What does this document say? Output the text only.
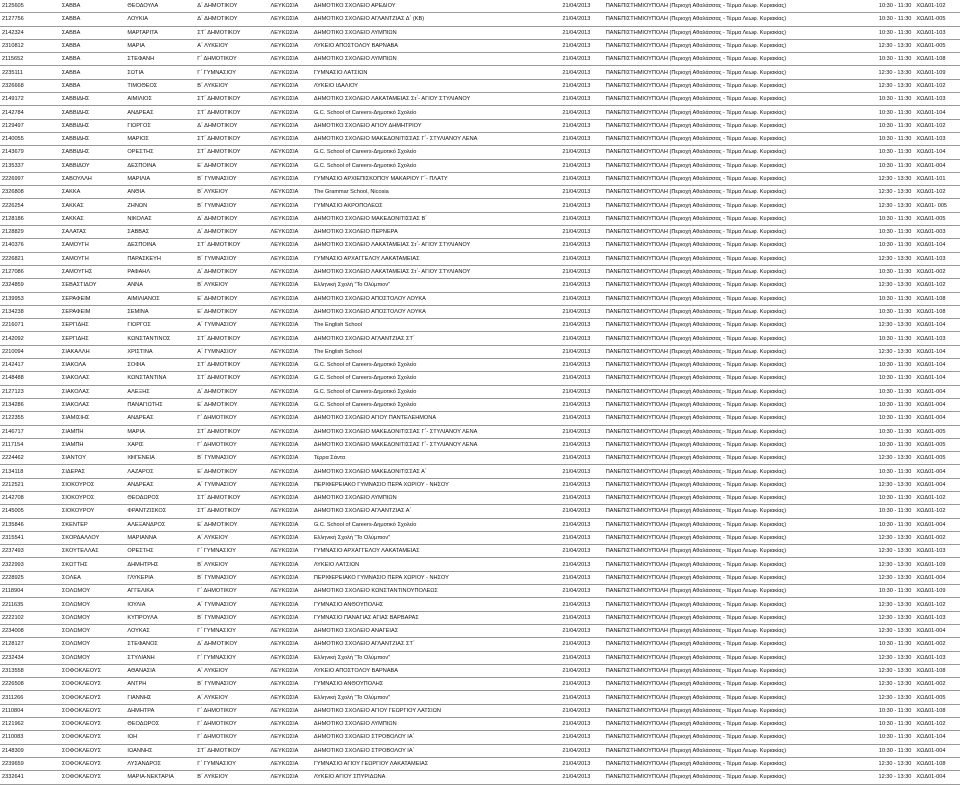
2125605	ΣΑΒΒΑ	ΘΕΟΔΟΥΛΑ	Δ΄ ΔΗΜΟΤΙΚΟΥ	ΛΕΥΚΩΣΙΑ	ΔΗΜΟΤΙΚΟ ΣΧΟΛΕΙΟ ΑΡΕΔΙΟΥ	21/04/2013	ΠΑΝΕΠΙΣΤΗΜΙΟΥΠΟΛΗ (Περιοχή Αθαλάσσας - Τέρμα Λεωφ. Κυριακίας)	10:30 - 11:30	ΧΩΔ01-102
2127756	ΣΑΒΒΑ	ΛΟΥΚΙΑ	Δ΄ ΔΗΜΟΤΙΚΟΥ	ΛΕΥΚΩΣΙΑ	ΔΗΜΟΤΙΚΟ ΣΧΟΛΕΙΟ ΑΓΛΑΝΤΖΙΑΣ Δ΄ (ΚΒ)	21/04/2013	ΠΑΝΕΠΙΣΤΗΜΙΟΥΠΟΛΗ (Περιοχή Αθαλάσσας - Τέρμα Λεωφ. Κυριακίας)	10:30 - 11:30	ΧΩΔ01-005
2142324	ΣΑΒΒΑ	ΜΑΡΓΑΡΙΤΑ	ΣΤ΄ ΔΗΜΟΤΙΚΟΥ	ΛΕΥΚΩΣΙΑ	ΔΗΜΟΤΙΚΟ ΣΧΟΛΕΙΟ ΛΥΜΠΙΩΝ	21/04/2013	ΠΑΝΕΠΙΣΤΗΜΙΟΥΠΟΛΗ (Περιοχή Αθαλάσσας - Τέρμα Λεωφ. Κυριακίας)	10:30 - 11:30	ΧΩΔ01-103
2310812	ΣΑΒΒΑ	ΜΑΡΙΑ	Α΄ ΛΥΚΕΙΟΥ	ΛΕΥΚΩΣΙΑ	ΛΥΚΕΙΟ ΑΠΟΣΤΟΛΟΥ ΒΑΡΝΑΒΑ	21/04/2013	ΠΑΝΕΠΙΣΤΗΜΙΟΥΠΟΛΗ (Περιοχή Αθαλάσσας - Τέρμα Λεωφ. Κυριακίας)	12:30 - 13:30	ΧΩΔ01-005
2115652	ΣΑΒΒΑ	ΣΤΕΦΑΝΗ	Γ΄ ΔΗΜΟΤΙΚΟΥ	ΛΕΥΚΩΣΙΑ	ΔΗΜΟΤΙΚΟ ΣΧΟΛΕΙΟ ΛΥΜΠΙΩΝ	21/04/2013	ΠΑΝΕΠΙΣΤΗΜΙΟΥΠΟΛΗ (Περιοχή Αθαλάσσας - Τέρμα Λεωφ. Κυριακίας)	10:30 - 11:30	ΧΩΔ01-108
2235111	ΣΑΒΒΑ	ΣΩΤΙΑ	Γ΄ ΓΥΜΝΑΣΙΟΥ	ΛΕΥΚΩΣΙΑ	ΓΥΜΝΑΣΙΟ ΛΑΤΣΙΩΝ	21/04/2013	ΠΑΝΕΠΙΣΤΗΜΙΟΥΠΟΛΗ (Περιοχή Αθαλάσσας - Τέρμα Λεωφ. Κυριακίας)	12:30 - 13:30	ΧΩΔ01-109
2326668	ΣΑΒΒΑ	ΤΙΜΟΘΕΟΣ	Β΄ ΛΥΚΕΙΟΥ	ΛΕΥΚΩΣΙΑ	ΛΥΚΕΙΟ ΙΔΑΛΙΟΥ	21/04/2013	ΠΑΝΕΠΙΣΤΗΜΙΟΥΠΟΛΗ (Περιοχή Αθαλάσσας - Τέρμα Λεωφ. Κυριακίας)	12:30 - 13:30	ΧΩΔ01-102
2149172	ΣΑΒΒΙΔΗΣ	ΑΙΜΙΛΙΟΣ	ΣΤ΄ ΔΗΜΟΤΙΚΟΥ	ΛΕΥΚΩΣΙΑ	ΔΗΜΟΤΙΚΟ ΣΧΟΛΕΙΟ ΛΑΚΑΤΑΜΕΙΑΣ Στ΄- ΑΓΙΟΥ ΣΤΥΛΙΑΝΟΥ	21/04/2013	ΠΑΝΕΠΙΣΤΗΜΙΟΥΠΟΛΗ (Περιοχή Αθαλάσσας - Τέρμα Λεωφ. Κυριακίας)	10:30 - 11:30	ΧΩΔ01-103
2142784	ΣΑΒΒΙΔΗΣ	ΑΝΔΡΕΑΣ	ΣΤ΄ ΔΗΜΟΤΙΚΟΥ	ΛΕΥΚΩΣΙΑ	G.C. School of Careers-Δημοτικό Σχολείο	21/04/2013	ΠΑΝΕΠΙΣΤΗΜΙΟΥΠΟΛΗ (Περιοχή Αθαλάσσας - Τέρμα Λεωφ. Κυριακίας)	10:30 - 11:30	ΧΩΔ01-104
2129497	ΣΑΒΒΙΔΗΣ	ΓΙΩΡΓΟΣ	Δ΄ ΔΗΜΟΤΙΚΟΥ	ΛΕΥΚΩΣΙΑ	ΔΗΜΟΤΙΚΟ ΣΧΟΛΕΙΟ ΑΓΙΟΥ ΔΗΜΗΤΡΙΟΥ	21/04/2013	ΠΑΝΕΠΙΣΤΗΜΙΟΥΠΟΛΗ (Περιοχή Αθαλάσσας - Τέρμα Λεωφ. Κυριακίας)	10:30 - 11:30	ΧΩΔ01-102
2140055	ΣΑΒΒΙΔΗΣ	ΜΑΡΙΟΣ	ΣΤ΄ ΔΗΜΟΤΙΚΟΥ	ΛΕΥΚΩΣΙΑ	ΔΗΜΟΤΙΚΟ ΣΧΟΛΕΙΟ ΜΑΚΕΔΟΝΙΤΙΣΣΑΣ Γ΄- ΣΤΥΛΙΑΝΟΥ ΛΕΝΑ	21/04/2013	ΠΑΝΕΠΙΣΤΗΜΙΟΥΠΟΛΗ (Περιοχή Αθαλάσσας - Τέρμα Λεωφ. Κυριακίας)	10:30 - 11:30	ΧΩΔ01-103
2143679	ΣΑΒΒΙΔΗΣ	ΟΡΕΣΤΗΣ	ΣΤ΄ ΔΗΜΟΤΙΚΟΥ	ΛΕΥΚΩΣΙΑ	G.C. School of Careers-Δημοτικό Σχολείο	21/04/2013	ΠΑΝΕΠΙΣΤΗΜΙΟΥΠΟΛΗ (Περιοχή Αθαλάσσας - Τέρμα Λεωφ. Κυριακίας)	10:30 - 11:30	ΧΩΔ01-104
2135337	ΣΑΒΒΙΔΟΥ	ΔΕΣΠΟΙΝΑ	Ε΄ ΔΗΜΟΤΙΚΟΥ	ΛΕΥΚΩΣΙΑ	G.C. School of Careers-Δημοτικό Σχολείο	21/04/2013	ΠΑΝΕΠΙΣΤΗΜΙΟΥΠΟΛΗ (Περιοχή Αθαλάσσας - Τέρμα Λεωφ. Κυριακίας)	10:30 - 11:30	ΧΩΔ01-004
2226997	ΣΑΒΟΥΛΛΗ	ΜΑΡΙΛΙΑ	Β΄ ΓΥΜΝΑΣΙΟΥ	ΛΕΥΚΩΣΙΑ	ΓΥΜΝΑΣΙΟ ΑΡΧΙΕΠΙΣΚΟΠΟΥ ΜΑΚΑΡΙΟΥ Γ΄- ΠΛΑΤΥ	21/04/2013	ΠΑΝΕΠΙΣΤΗΜΙΟΥΠΟΛΗ (Περιοχή Αθαλάσσας - Τέρμα Λεωφ. Κυριακίας)	12:30 - 13:30	ΧΩΔ01-101
2326808	ΣΑΚΚΑ	ΑΝΘΙΑ	Β΄ ΛΥΚΕΙΟΥ	ΛΕΥΚΩΣΙΑ	The Grammar School, Nicosia	21/04/2013	ΠΑΝΕΠΙΣΤΗΜΙΟΥΠΟΛΗ (Περιοχή Αθαλάσσας - Τέρμα Λεωφ. Κυριακίας)	12:30 - 13:30	ΧΩΔ01-102
2226254	ΣΑΚΚΑΣ	ΖΗΝΩΝ	Β΄ ΓΥΜΝΑΣΙΟΥ	ΛΕΥΚΩΣΙΑ	ΓΥΜΝΑΣΙΟ ΑΚΡΟΠΟΛΕΩΣ	21/04/2013	ΠΑΝΕΠΙΣΤΗΜΙΟΥΠΟΛΗ (Περιοχή Αθαλάσσας - Τέρμα Λεωφ. Κυριακίας)	12:30 - 13:30	ΧΩΔ01- 005
2128186	ΣΑΚΚΑΣ	ΝΙΚΟΛΑΣ	Δ΄ ΔΗΜΟΤΙΚΟΥ	ΛΕΥΚΩΣΙΑ	ΔΗΜΟΤΙΚΟ ΣΧΟΛΕΙΟ ΜΑΚΕΔΟΝΙΤΙΣΣΑΣ Β΄	21/04/2013	ΠΑΝΕΠΙΣΤΗΜΙΟΥΠΟΛΗ (Περιοχή Αθαλάσσας - Τέρμα Λεωφ. Κυριακίας)	10:30 - 11:30	ΧΩΔ01-005
2128829	ΣΑΛΑΤΑΣ	ΣΑΒΒΑΣ	Δ΄ ΔΗΜΟΤΙΚΟΥ	ΛΕΥΚΩΣΙΑ	ΔΗΜΟΤΙΚΟ ΣΧΟΛΕΙΟ ΠΕΡΝΕΡΑ	21/04/2013	ΠΑΝΕΠΙΣΤΗΜΙΟΥΠΟΛΗ (Περιοχή Αθαλάσσας - Τέρμα Λεωφ. Κυριακίας)	10:30 - 11:30	ΧΩΔ01-003
2140376	ΣΑΜΟΥΓΗ	ΔΕΣΠΟΙΝΑ	ΣΤ΄ ΔΗΜΟΤΙΚΟΥ	ΛΕΥΚΩΣΙΑ	ΔΗΜΟΤΙΚΟ ΣΧΟΛΕΙΟ ΛΑΚΑΤΑΜΕΙΑΣ Στ΄- ΑΓΙΟΥ ΣΤΥΛΙΑΝΟΥ	21/04/2013	ΠΑΝΕΠΙΣΤΗΜΙΟΥΠΟΛΗ (Περιοχή Αθαλάσσας - Τέρμα Λεωφ. Κυριακίας)	10:30 - 11:30	ΧΩΔ01-104
2226821	ΣΑΜΟΥΓΗ	ΠΑΡΑΣΚΕΥΗ	Β΄ ΓΥΜΝΑΣΙΟΥ	ΛΕΥΚΩΣΙΑ	ΓΥΜΝΑΣΙΟ ΑΡΧΑΓΓΕΛΟΥ ΛΑΚΑΤΑΜΕΙΑΣ	21/04/2013	ΠΑΝΕΠΙΣΤΗΜΙΟΥΠΟΛΗ (Περιοχή Αθαλάσσας - Τέρμα Λεωφ. Κυριακίας)	12:30 - 13:30	ΧΩΔ01-103
2127086	ΣΑΜΟΥΓΗΣ	ΡΑΦΑΗΛ	Δ΄ ΔΗΜΟΤΙΚΟΥ	ΛΕΥΚΩΣΙΑ	ΔΗΜΟΤΙΚΟ ΣΧΟΛΕΙΟ ΛΑΚΑΤΑΜΕΙΑΣ Στ΄- ΑΓΙΟΥ ΣΤΥΛΙΑΝΟΥ	21/04/2013	ΠΑΝΕΠΙΣΤΗΜΙΟΥΠΟΛΗ (Περιοχή Αθαλάσσας - Τέρμα Λεωφ. Κυριακίας)	10:30 - 11:30	ΧΩΔ01-002
2324859	ΣΕΒΑΣΤΙΔΟΥ	ΑΝΝΑ	Β΄ ΛΥΚΕΙΟΥ	ΛΕΥΚΩΣΙΑ	Ελληνική Σχολή "Το Ολύμπιον"	21/04/2013	ΠΑΝΕΠΙΣΤΗΜΙΟΥΠΟΛΗ (Περιοχή Αθαλάσσας - Τέρμα Λεωφ. Κυριακίας)	12:30 - 13:30	ΧΩΔ01-102
2139953	ΣΕΡΑΦΕΙΜ	ΑΙΜΙΛΙΑΝΟΣ	Ε΄ ΔΗΜΟΤΙΚΟΥ	ΛΕΥΚΩΣΙΑ	ΔΗΜΟΤΙΚΟ ΣΧΟΛΕΙΟ ΑΠΟΣΤΟΛΟΥ ΛΟΥΚΑ	21/04/2013	ΠΑΝΕΠΙΣΤΗΜΙΟΥΠΟΛΗ (Περιοχή Αθαλάσσας - Τέρμα Λεωφ. Κυριακίας)	10:30 - 11:30	ΧΩΔ01-108
2134238	ΣΕΡΑΦΕΙΜ	ΣΕΜΙΝΑ	Ε΄ ΔΗΜΟΤΙΚΟΥ	ΛΕΥΚΩΣΙΑ	ΔΗΜΟΤΙΚΟ ΣΧΟΛΕΙΟ ΑΠΟΣΤΟΛΟΥ ΛΟΥΚΑ	21/04/2013	ΠΑΝΕΠΙΣΤΗΜΙΟΥΠΟΛΗ (Περιοχή Αθαλάσσας - Τέρμα Λεωφ. Κυριακίας)	10:30 - 11:30	ΧΩΔ01-108
2216071	ΣΕΡΓΙΔΗΣ	ΓΙΩΡΓΟΣ	Α΄ ΓΥΜΝΑΣΙΟΥ	ΛΕΥΚΩΣΙΑ	The English School	21/04/2013	ΠΑΝΕΠΙΣΤΗΜΙΟΥΠΟΛΗ (Περιοχή Αθαλάσσας - Τέρμα Λεωφ. Κυριακίας)	12:30 - 13:30	ΧΩΔ01-104
2142092	ΣΕΡΓΙΔΗΣ	ΚΩΝΣΤΑΝΤΙΝΟΣ	ΣΤ΄ ΔΗΜΟΤΙΚΟΥ	ΛΕΥΚΩΣΙΑ	ΔΗΜΟΤΙΚΟ ΣΧΟΛΕΙΟ ΑΓΛΑΝΤΖΙΑΣ ΣΤ΄	21/04/2013	ΠΑΝΕΠΙΣΤΗΜΙΟΥΠΟΛΗ (Περιοχή Αθαλάσσας - Τέρμα Λεωφ. Κυριακίας)	10:30 - 11:30	ΧΩΔ01-103
2210094	ΣΙΑΚΑΛΛΗ	ΧΡΙΣΤΙΝΑ	Α΄ ΓΥΜΝΑΣΙΟΥ	ΛΕΥΚΩΣΙΑ	The English School	21/04/2013	ΠΑΝΕΠΙΣΤΗΜΙΟΥΠΟΛΗ (Περιοχή Αθαλάσσας - Τέρμα Λεωφ. Κυριακίας)	12:30 - 13:30	ΧΩΔ01-104
2142417	ΣΙΑΚΟΛΑ	ΣΟΦΙΑ	ΣΤ΄ ΔΗΜΟΤΙΚΟΥ	ΛΕΥΚΩΣΙΑ	G.C. School of Careers-Δημοτικό Σχολείο	21/04/2013	ΠΑΝΕΠΙΣΤΗΜΙΟΥΠΟΛΗ (Περιοχή Αθαλάσσας - Τέρμα Λεωφ. Κυριακίας)	10:30 - 11:30	ΧΩΔ01-104
2148488	ΣΙΑΚΟΛΑΣ	ΚΩΝΣΤΑΝΤΙΝΑ	ΣΤ΄ ΔΗΜΟΤΙΚΟΥ	ΛΕΥΚΩΣΙΑ	G.C. School of Careers-Δημοτικό Σχολείο	21/04/2013	ΠΑΝΕΠΙΣΤΗΜΙΟΥΠΟΛΗ (Περιοχή Αθαλάσσας - Τέρμα Λεωφ. Κυριακίας)	10:30 - 11:30	ΧΩΔ01-104
2127123	ΣΙΑΚΟΛΑΣ	ΑΛΕΞΗΣ	Δ΄ ΔΗΜΟΤΙΚΟΥ	ΛΕΥΚΩΣΙΑ	G.C. School of Careers-Δημοτικό Σχολείο	21/04/2013	ΠΑΝΕΠΙΣΤΗΜΙΟΥΠΟΛΗ (Περιοχή Αθαλάσσας - Τέρμα Λεωφ. Κυριακίας)	10:30 - 11:30	ΧΩΔ01-004
2134286	ΣΙΑΚΟΛΑΣ	ΠΑΝΑΓΙΩΤΗΣ	Ε΄ ΔΗΜΟΤΙΚΟΥ	ΛΕΥΚΩΣΙΑ	G.C. School of Careers-Δημοτικό Σχολείο	21/04/2013	ΠΑΝΕΠΙΣΤΗΜΙΟΥΠΟΛΗ (Περιοχή Αθαλάσσας - Τέρμα Λεωφ. Κυριακίας)	10:30 - 11:30	ΧΩΔ01-004
2122355	ΣΙΑΜΙΣΙΗΣ	ΑΝΔΡΕΑΣ	Γ΄ ΔΗΜΟΤΙΚΟΥ	ΛΕΥΚΩΣΙΑ	ΔΗΜΟΤΙΚΟ ΣΧΟΛΕΙΟ ΑΓΙΟΥ ΠΑΝΤΕΛΕΗΜΟΝΑ	21/04/2013	ΠΑΝΕΠΙΣΤΗΜΙΟΥΠΟΛΗ (Περιοχή Αθαλάσσας - Τέρμα Λεωφ. Κυριακίας)	10:30 - 11:30	ΧΩΔ01-004
2146717	ΣΙΑΜΠΗ	ΜΑΡΙΑ	ΣΤ΄ ΔΗΜΟΤΙΚΟΥ	ΛΕΥΚΩΣΙΑ	ΔΗΜΟΤΙΚΟ ΣΧΟΛΕΙΟ ΜΑΚΕΔΟΝΙΤΙΣΣΑΣ Γ΄- ΣΤΥΛΙΑΝΟΥ ΛΕΝΑ	21/04/2013	ΠΑΝΕΠΙΣΤΗΜΙΟΥΠΟΛΗ (Περιοχή Αθαλάσσας - Τέρμα Λεωφ. Κυριακίας)	10:30 - 11:30	ΧΩΔ01-005
2117154	ΣΙΑΜΠΗ	ΧΑΡΙΣ	Γ΄ ΔΗΜΟΤΙΚΟΥ	ΛΕΥΚΩΣΙΑ	ΔΗΜΟΤΙΚΟ ΣΧΟΛΕΙΟ ΜΑΚΕΔΟΝΙΤΙΣΣΑΣ Γ΄- ΣΤΥΛΙΑΝΟΥ ΛΕΝΑ	21/04/2013	ΠΑΝΕΠΙΣΤΗΜΙΟΥΠΟΛΗ (Περιοχή Αθαλάσσας - Τέρμα Λεωφ. Κυριακίας)	10:30 - 11:30	ΧΩΔ01-005
2224462	ΣΙΑΝΤΟΥ	ΙΦΙΓΕΝΕΙΑ	Β΄ ΓΥΜΝΑΣΙΟΥ	ΛΕΥΚΩΣΙΑ	Τέρρα Σάντα	21/04/2013	ΠΑΝΕΠΙΣΤΗΜΙΟΥΠΟΛΗ (Περιοχή Αθαλάσσας - Τέρμα Λεωφ. Κυριακίας)	12:30 - 13:30	ΧΩΔ01-005
2134118	ΣΙΔΕΡΑΣ	ΛΑΖΑΡΟΣ	Ε΄ ΔΗΜΟΤΙΚΟΥ	ΛΕΥΚΩΣΙΑ	ΔΗΜΟΤΙΚΟ ΣΧΟΛΕΙΟ ΜΑΚΕΔΟΝΙΤΙΣΣΑΣ Α΄	21/04/2013	ΠΑΝΕΠΙΣΤΗΜΙΟΥΠΟΛΗ (Περιοχή Αθαλάσσας - Τέρμα Λεωφ. Κυριακίας)	10:30 - 11:30	ΧΩΔ01-004
2212521	ΣΙΟΚΟΥΡΟΣ	ΑΝΔΡΕΑΣ	Α΄ ΓΥΜΝΑΣΙΟΥ	ΛΕΥΚΩΣΙΑ	ΠΕΡΙΦΕΡΕΙΑΚΟ ΓΥΜΝΑΣΙΟ ΠΕΡΑ ΧΩΡΙΟΥ - ΝΗΣΟΥ	21/04/2013	ΠΑΝΕΠΙΣΤΗΜΙΟΥΠΟΛΗ (Περιοχή Αθαλάσσας - Τέρμα Λεωφ. Κυριακίας)	12:30 - 13:30	ΧΩΔ01-004
2142708	ΣΙΟΚΟΥΡΟΣ	ΘΕΟΔΩΡΟΣ	ΣΤ΄ ΔΗΜΟΤΙΚΟΥ	ΛΕΥΚΩΣΙΑ	ΔΗΜΟΤΙΚΟ ΣΧΟΛΕΙΟ ΛΥΜΠΙΩΝ	21/04/2013	ΠΑΝΕΠΙΣΤΗΜΙΟΥΠΟΛΗ (Περιοχή Αθαλάσσας - Τέρμα Λεωφ. Κυριακίας)	10:30 - 11:30	ΧΩΔ01-102
2145005	ΣΙΟΚΟΥΡΟΥ	ΦΡΑΝΤΖΙΣΚΟΣ	ΣΤ΄ ΔΗΜΟΤΙΚΟΥ	ΛΕΥΚΩΣΙΑ	ΔΗΜΟΤΙΚΟ ΣΧΟΛΕΙΟ ΑΓΛΑΝΤΖΙΑΣ Α΄	21/04/2013	ΠΑΝΕΠΙΣΤΗΜΙΟΥΠΟΛΗ (Περιοχή Αθαλάσσας - Τέρμα Λεωφ. Κυριακίας)	10:30 - 11:30	ΧΩΔ01-102
2135846	ΣΚΕΝΤΕΡ	ΑΛΕΞΑΝΔΡΟΣ	Ε΄ ΔΗΜΟΤΙΚΟΥ	ΛΕΥΚΩΣΙΑ	G.C. School of Careers-Δημοτικό Σχολείο	21/04/2013	ΠΑΝΕΠΙΣΤΗΜΙΟΥΠΟΛΗ (Περιοχή Αθαλάσσας - Τέρμα Λεωφ. Κυριακίας)	10:30 - 11:30	ΧΩΔ01-004
2315541	ΣΚΟΡΔΑΛΛΟΥ	ΜΑΡΙΑΝΝΑ	Α΄ ΛΥΚΕΙΟΥ	ΛΕΥΚΩΣΙΑ	Ελληνική Σχολή "Το Ολύμπιον"	21/04/2013	ΠΑΝΕΠΙΣΤΗΜΙΟΥΠΟΛΗ (Περιοχή Αθαλάσσας - Τέρμα Λεωφ. Κυριακίας)	12:30 - 13:30	ΧΩΔ01-002
2237493	ΣΚΟΥΤΕΛΛΑΣ	ΟΡΕΣΤΗΣ	Γ΄ ΓΥΜΝΑΣΙΟΥ	ΛΕΥΚΩΣΙΑ	ΓΥΜΝΑΣΙΟ ΑΡΧΑΓΓΕΛΟΥ ΛΑΚΑΤΑΜΕΙΑΣ	21/04/2013	ΠΑΝΕΠΙΣΤΗΜΙΟΥΠΟΛΗ (Περιοχή Αθαλάσσας - Τέρμα Λεωφ. Κυριακίας)	12:30 - 13:30	ΧΩΔ01-103
2322993	ΣΚΩΤΤΗΣ	ΔΗΜΗΤΡΗΣ	Β΄ ΛΥΚΕΙΟΥ	ΛΕΥΚΩΣΙΑ	ΛΥΚΕΙΟ ΛΑΤΣΙΩΝ	21/04/2013	ΠΑΝΕΠΙΣΤΗΜΙΟΥΠΟΛΗ (Περιοχή Αθαλάσσας - Τέρμα Λεωφ. Κυριακίας)	12:30 - 13:30	ΧΩΔ01-109
2228925	ΣΟΛΕΑ	ΓΛΥΚΕΡΙΑ	Β΄ ΓΥΜΝΑΣΙΟΥ	ΛΕΥΚΩΣΙΑ	ΠΕΡΙΦΕΡΕΙΑΚΟ ΓΥΜΝΑΣΙΟ ΠΕΡΑ ΧΩΡΙΟΥ - ΝΗΣΟΥ	21/04/2013	ΠΑΝΕΠΙΣΤΗΜΙΟΥΠΟΛΗ (Περιοχή Αθαλάσσας - Τέρμα Λεωφ. Κυριακίας)	12:30 - 13:30	ΧΩΔ01-004
2118904	ΣΟΛΩΜΟΥ	ΑΓΓΕΛΙΚΑ	Γ΄ ΔΗΜΟΤΙΚΟΥ	ΛΕΥΚΩΣΙΑ	ΔΗΜΟΤΙΚΟ ΣΧΟΛΕΙΟ ΚΩΝΣΤΑΝΤΙΝΟΥΠΟΛΕΩΣ	21/04/2013	ΠΑΝΕΠΙΣΤΗΜΙΟΥΠΟΛΗ (Περιοχή Αθαλάσσας - Τέρμα Λεωφ. Κυριακίας)	10:30 - 11:30	ΧΩΔ01-109
2211635	ΣΟΛΩΜΟΥ	ΙΟΥΛΙΑ	Α΄ ΓΥΜΝΑΣΙΟΥ	ΛΕΥΚΩΣΙΑ	ΓΥΜΝΑΣΙΟ ΑΝΘΟΥΠΟΛΗΣ	21/04/2013	ΠΑΝΕΠΙΣΤΗΜΙΟΥΠΟΛΗ (Περιοχή Αθαλάσσας - Τέρμα Λεωφ. Κυριακίας)	12:30 - 13:30	ΧΩΔ01-102
2222102	ΣΟΛΩΜΟΥ	ΚΥΠΡΟΥΛΑ	Β΄ ΓΥΜΝΑΣΙΟΥ	ΛΕΥΚΩΣΙΑ	ΓΥΜΝΑΣΙΟ ΠΑΝΑΓΙΑΣ ΑΓΙΑΣ ΒΑΡΒΑΡΑΣ	21/04/2013	ΠΑΝΕΠΙΣΤΗΜΙΟΥΠΟΛΗ (Περιοχή Αθαλάσσας - Τέρμα Λεωφ. Κυριακίας)	12:30 - 13:30	ΧΩΔ01-103
2234008	ΣΟΛΩΜΟΥ	ΛΟΥΚΑΣ	Γ΄ ΓΥΜΝΑΣΙΟΥ	ΛΕΥΚΩΣΙΑ	ΔΗΜΟΤΙΚΟ ΣΧΟΛΕΙΟ ΑΝΑΓΕΙΑΣ	21/04/2013	ΠΑΝΕΠΙΣΤΗΜΙΟΥΠΟΛΗ (Περιοχή Αθαλάσσας - Τέρμα Λεωφ. Κυριακίας)	12:30 - 13:30	ΧΩΔ01-004
2128127	ΣΟΛΩΜΟΥ	ΣΤΕΦΑΝΟΣ	Δ΄ ΔΗΜΟΤΙΚΟΥ	ΛΕΥΚΩΣΙΑ	ΔΗΜΟΤΙΚΟ ΣΧΟΛΕΙΟ ΑΓΛΑΝΤΖΙΑΣ ΣΤ΄	21/04/2013	ΠΑΝΕΠΙΣΤΗΜΙΟΥΠΟΛΗ (Περιοχή Αθαλάσσας - Τέρμα Λεωφ. Κυριακίας)	10:30 - 11:30	ΧΩΔ01-002
2232434	ΣΟΛΩΜΟΥ	ΣΤΥΛΙΑΝΗ	Γ΄ ΓΥΜΝΑΣΙΟΥ	ΛΕΥΚΩΣΙΑ	Ελληνική Σχολή "Το Ολύμπιον"	21/04/2013	ΠΑΝΕΠΙΣΤΗΜΙΟΥΠΟΛΗ (Περιοχή Αθαλάσσας - Τέρμα Λεωφ. Κυριακίας)	12:30 - 13:30	ΧΩΔ01-103
2313558	ΣΟΦΟΚΛΕΟΥΣ	ΑΘΑΝΑΣΙΑ	Α΄ ΛΥΚΕΙΟΥ	ΛΕΥΚΩΣΙΑ	ΛΥΚΕΙΟ ΑΠΟΣΤΟΛΟΥ ΒΑΡΝΑΒΑ	21/04/2013	ΠΑΝΕΠΙΣΤΗΜΙΟΥΠΟΛΗ (Περιοχή Αθαλάσσας - Τέρμα Λεωφ. Κυριακίας)	12:30 - 13:30	ΧΩΔ01-108
2226508	ΣΟΦΟΚΛΕΟΥΣ	ΑΝΤΡΗ	Β΄ ΓΥΜΝΑΣΙΟΥ	ΛΕΥΚΩΣΙΑ	ΓΥΜΝΑΣΙΟ ΑΝΘΟΥΠΟΛΗΣ	21/04/2013	ΠΑΝΕΠΙΣΤΗΜΙΟΥΠΟΛΗ (Περιοχή Αθαλάσσας - Τέρμα Λεωφ. Κυριακίας)	12:30 - 13:30	ΧΩΔ01-002
2311266	ΣΟΦΟΚΛΕΟΥΣ	ΓΙΑΝΝΗΣ	Α΄ ΛΥΚΕΙΟΥ	ΛΕΥΚΩΣΙΑ	Ελληνική Σχολή "Το Ολύμπιον"	21/04/2013	ΠΑΝΕΠΙΣΤΗΜΙΟΥΠΟΛΗ (Περιοχή Αθαλάσσας - Τέρμα Λεωφ. Κυριακίας)	12:30 - 13:30	ΧΩΔ01-005
2110804	ΣΟΦΟΚΛΕΟΥΣ	ΔΗΜΗΤΡΑ	Γ΄ ΔΗΜΟΤΙΚΟΥ	ΛΕΥΚΩΣΙΑ	ΔΗΜΟΤΙΚΟ ΣΧΟΛΕΙΟ ΑΓΙΟΥ ΓΕΩΡΓΙΟΥ ΛΑΤΣΙΩΝ	21/04/2013	ΠΑΝΕΠΙΣΤΗΜΙΟΥΠΟΛΗ (Περιοχή Αθαλάσσας - Τέρμα Λεωφ. Κυριακίας)	10:30 - 11:30	ΧΩΔ01-108
2121962	ΣΟΦΟΚΛΕΟΥΣ	ΘΕΟΔΩΡΟΣ	Γ΄ ΔΗΜΟΤΙΚΟΥ	ΛΕΥΚΩΣΙΑ	ΔΗΜΟΤΙΚΟ ΣΧΟΛΕΙΟ ΛΥΜΠΙΩΝ	21/04/2013	ΠΑΝΕΠΙΣΤΗΜΙΟΥΠΟΛΗ (Περιοχή Αθαλάσσας - Τέρμα Λεωφ. Κυριακίας)	10:30 - 11:30	ΧΩΔ01-102
2110083	ΣΟΦΟΚΛΕΟΥΣ	ΙΩΗ	Γ΄ ΔΗΜΟΤΙΚΟΥ	ΛΕΥΚΩΣΙΑ	ΔΗΜΟΤΙΚΟ ΣΧΟΛΕΙΟ ΣΤΡΟΒΟΛΟΥ ΙΑ΄	21/04/2013	ΠΑΝΕΠΙΣΤΗΜΙΟΥΠΟΛΗ (Περιοχή Αθαλάσσας - Τέρμα Λεωφ. Κυριακίας)	10:30 - 11:30	ΧΩΔ01-104
2148309	ΣΟΦΟΚΛΕΟΥΣ	ΙΩΑΝΝΗΣ	ΣΤ΄ ΔΗΜΟΤΙΚΟΥ	ΛΕΥΚΩΣΙΑ	ΔΗΜΟΤΙΚΟ ΣΧΟΛΕΙΟ ΣΤΡΟΒΟΛΟΥ ΙΑ΄	21/04/2013	ΠΑΝΕΠΙΣΤΗΜΙΟΥΠΟΛΗ (Περιοχή Αθαλάσσας - Τέρμα Λεωφ. Κυριακίας)	10:30 - 11:30	ΧΩΔ01-004
2239659	ΣΟΦΟΚΛΕΟΥΣ	ΛΥΣΑΝΔΡΟΣ	Γ΄ ΓΥΜΝΑΣΙΟΥ	ΛΕΥΚΩΣΙΑ	ΓΥΜΝΑΣΙΟ ΑΓΙΟΥ ΓΕΩΡΓΙΟΥ ΛΑΚΑΤΑΜΕΙΑΣ	21/04/2013	ΠΑΝΕΠΙΣΤΗΜΙΟΥΠΟΛΗ (Περιοχή Αθαλάσσας - Τέρμα Λεωφ. Κυριακίας)	12:30 - 13:30	ΧΩΔ01-108
2332641	ΣΟΦΟΚΛΕΟΥΣ	ΜΑΡΙΑ-ΝΕΚΤΑΡΙΑ	Β΄ ΛΥΚΕΙΟΥ	ΛΕΥΚΩΣΙΑ	ΛΥΚΕΙΟ ΑΓΙΟΥ ΣΠΥΡΙΔΩΝΑ	21/04/2013	ΠΑΝΕΠΙΣΤΗΜΙΟΥΠΟΛΗ (Περιοχή Αθαλάσσας - Τέρμα Λεωφ. Κυριακίας)	12:30 - 13:30	ΧΩΔ01-004
